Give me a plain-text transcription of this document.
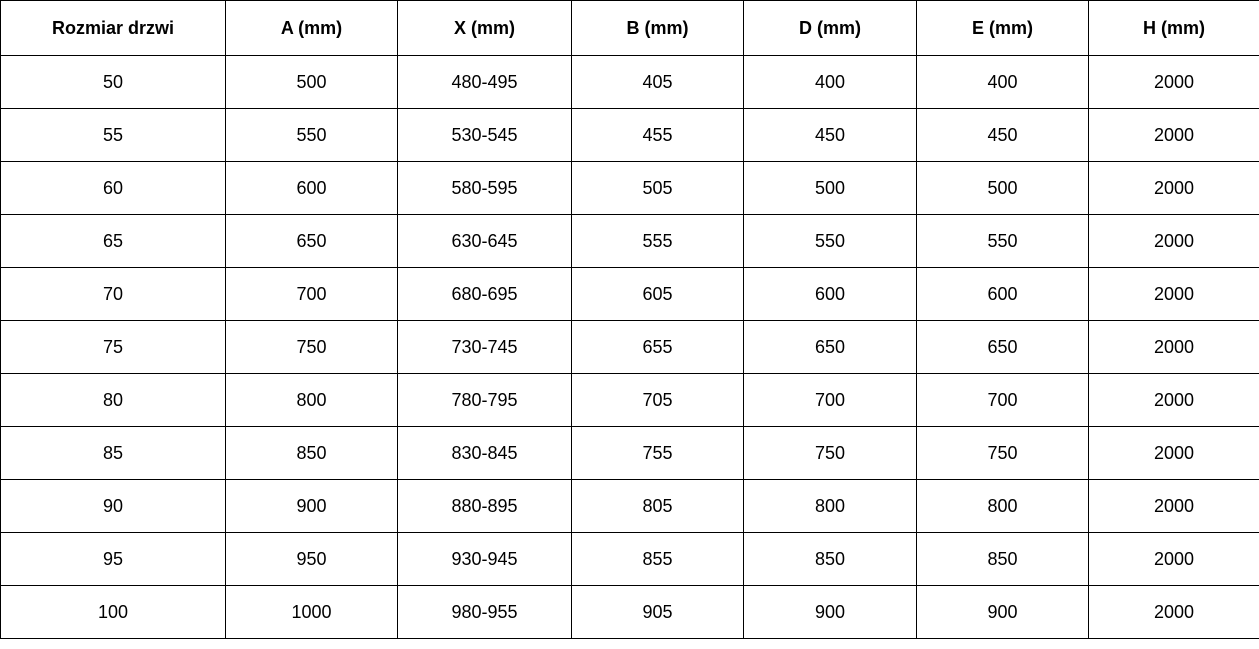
Rozmiar drzwi	A (mm)	X (mm)	B (mm)	D (mm)	E (mm)	H (mm)
50	500	480-495	405	400	400	2000
55	550	530-545	455	450	450	2000
60	600	580-595	505	500	500	2000
65	650	630-645	555	550	550	2000
70	700	680-695	605	600	600	2000
75	750	730-745	655	650	650	2000
80	800	780-795	705	700	700	2000
85	850	830-845	755	750	750	2000
90	900	880-895	805	800	800	2000
95	950	930-945	855	850	850	2000
100	1000	980-955	905	900	900	2000
